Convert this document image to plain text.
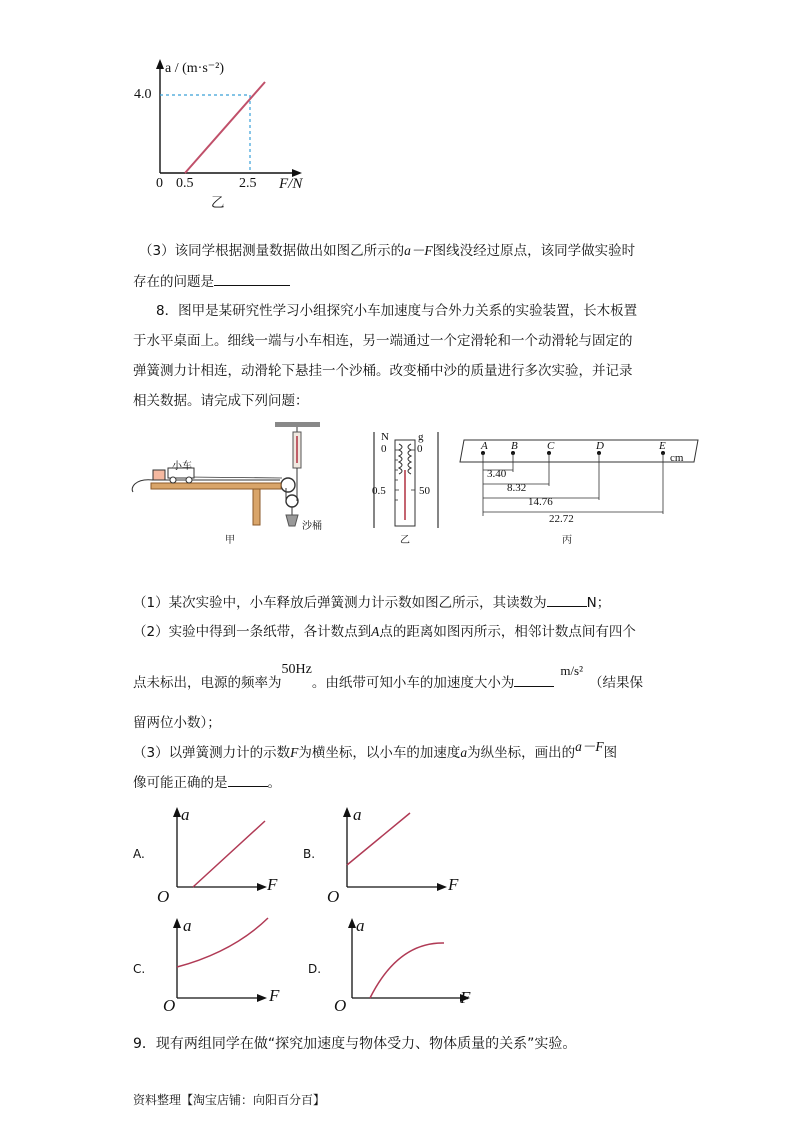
a / (m·s⁻²)
4.0
0 0.5	2.5 F/N
乙
（3）该同学根据测量数据做出如图乙所示的a－F图线没经过原点，该同学做实验时
存在的问题是
8．图甲是某研究性学习小组探究小车加速度与合外力关系的实验装置，长木板置
于水平桌面上。细线一端与小车相连，另一端通过一个定滑轮和一个动滑轮与固定的
弹簧测力计相连，动滑轮下悬挂一个沙桶。改变桶中沙的质量进行多次实验，并记录
相关数据。请完成下列问题：
小车
沙桶
甲
N	g
0	0
0.5	50
乙
A B	C	D	E
cm
3.40
8.32
14.76
22.72
丙
（1）某次实验中，小车释放后弹簧测力计示数如图乙所示，其读数为	N；
（2）实验中得到一条纸带，各计数点到A点的距离如图丙所示，相邻计数点间有四个
点未标出，电源的频率为50Hz。由纸带可知小车的加速度大小为m/s²（结果保
留两位小数）；
（3）以弹簧测力计的示数F为横坐标，以小车的加速度a为纵坐标，画出的a－F图
像可能正确的是	。
A.
a
F
O
B.
a
F
O
C.
a
F
O
D.
a
F
O
9．现有两组同学在做“探究加速度与物体受力、物体质量的关系”实验。
资料整理【淘宝店铺：向阳百分百】
